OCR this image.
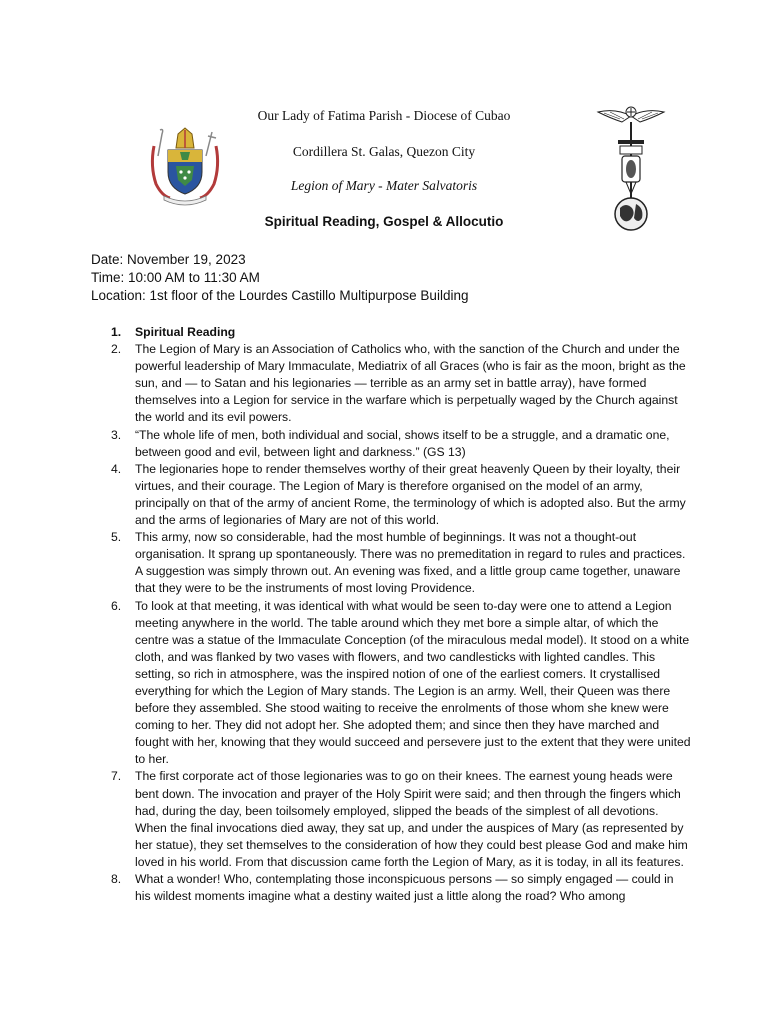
Our Lady of Fatima Parish - Diocese of Cubao
Cordillera St. Galas, Quezon City
Legion of Mary - Mater Salvatoris
Spiritual Reading, Gospel & Allocutio
Date: November 19, 2023
Time: 10:00 AM to 11:30 AM
Location: 1st floor of the Lourdes Castillo Multipurpose Building
1. Spiritual Reading
2. The Legion of Mary is an Association of Catholics who, with the sanction of the Church and under the powerful leadership of Mary Immaculate, Mediatrix of all Graces (who is fair as the moon, bright as the sun, and — to Satan and his legionaries — terrible as an army set in battle array), have formed themselves into a Legion for service in the warfare which is perpetually waged by the Church against the world and its evil powers.
3. “The whole life of men, both individual and social, shows itself to be a struggle, and a dramatic one, between good and evil, between light and darkness.” (GS 13)
4. The legionaries hope to render themselves worthy of their great heavenly Queen by their loyalty, their virtues, and their courage. The Legion of Mary is therefore organised on the model of an army, principally on that of the army of ancient Rome, the terminology of which is adopted also. But the army and the arms of legionaries of Mary are not of this world.
5. This army, now so considerable, had the most humble of beginnings. It was not a thought-out organisation. It sprang up spontaneously. There was no premeditation in regard to rules and practices. A suggestion was simply thrown out. An evening was fixed, and a little group came together, unaware that they were to be the instruments of most loving Providence.
6. To look at that meeting, it was identical with what would be seen to-day were one to attend a Legion meeting anywhere in the world. The table around which they met bore a simple altar, of which the centre was a statue of the Immaculate Conception (of the miraculous medal model). It stood on a white cloth, and was flanked by two vases with flowers, and two candlesticks with lighted candles. This setting, so rich in atmosphere, was the inspired notion of one of the earliest comers. It crystallised everything for which the Legion of Mary stands. The Legion is an army. Well, their Queen was there before they assembled. She stood waiting to receive the enrolments of those whom she knew were coming to her. They did not adopt her. She adopted them; and since then they have marched and fought with her, knowing that they would succeed and persevere just to the extent that they were united to her.
7. The first corporate act of those legionaries was to go on their knees. The earnest young heads were bent down. The invocation and prayer of the Holy Spirit were said; and then through the fingers which had, during the day, been toilsomely employed, slipped the beads of the simplest of all devotions. When the final invocations died away, they sat up, and under the auspices of Mary (as represented by her statue), they set themselves to the consideration of how they could best please God and make him loved in his world. From that discussion came forth the Legion of Mary, as it is today, in all its features.
8. What a wonder! Who, contemplating those inconspicuous persons — so simply engaged — could in his wildest moments imagine what a destiny waited just a little along the road? Who among
